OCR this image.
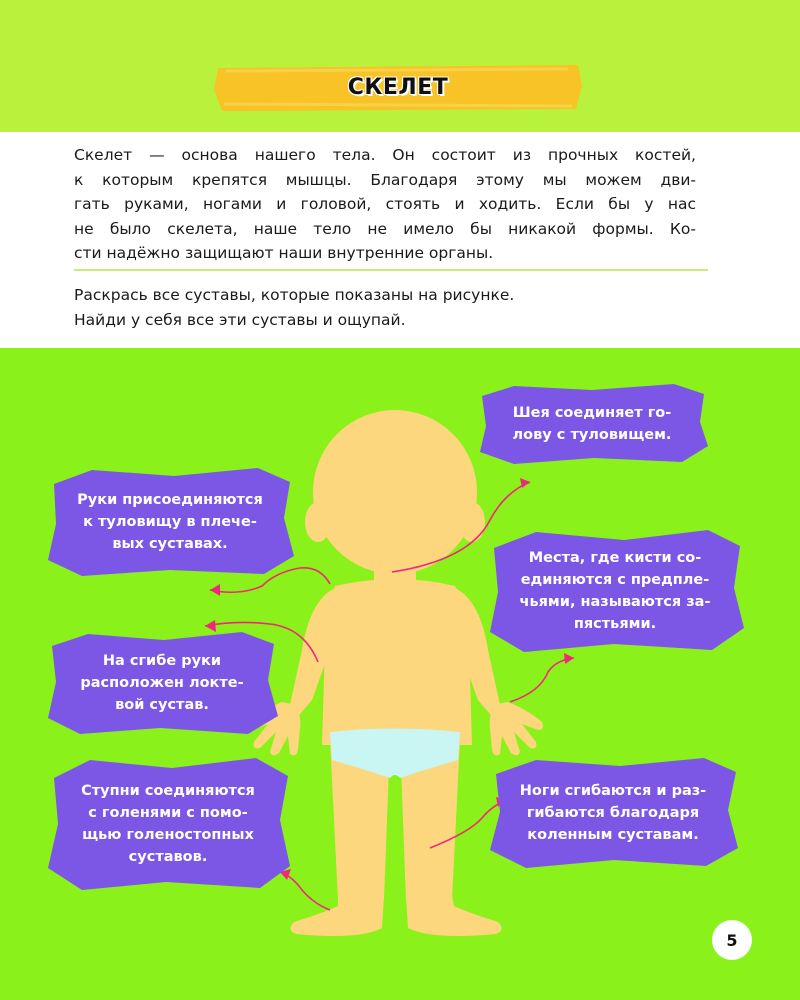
СКЕЛЕТ
Скелет — основа нашего тела. Он состоит из прочных костей,
к которым крепятся мышцы. Благодаря этому мы можем дви-
гать руками, ногами и головой, стоять и ходить. Если бы у нас
не было скелета, наше тело не имело бы никакой формы. Ко-
сти надёжно защищают наши внутренние органы.
Раскрась все суставы, которые показаны на рисунке.
Найди у себя все эти суставы и ощупай.
Шея соединяет го-
лову с туловищем.
Руки присоединяются
к туловищу в плече-
вых суставах.
Места, где кисти со-
единяются с предпле-
чьями, называются за-
пястьями.
На сгибе руки
расположен локте-
вой сустав.
Ступни соединяются
с голенями с помо-
щью голеностопных
суставов.
Ноги сгибаются и раз-
гибаются благодаря
коленным суставам.
5
